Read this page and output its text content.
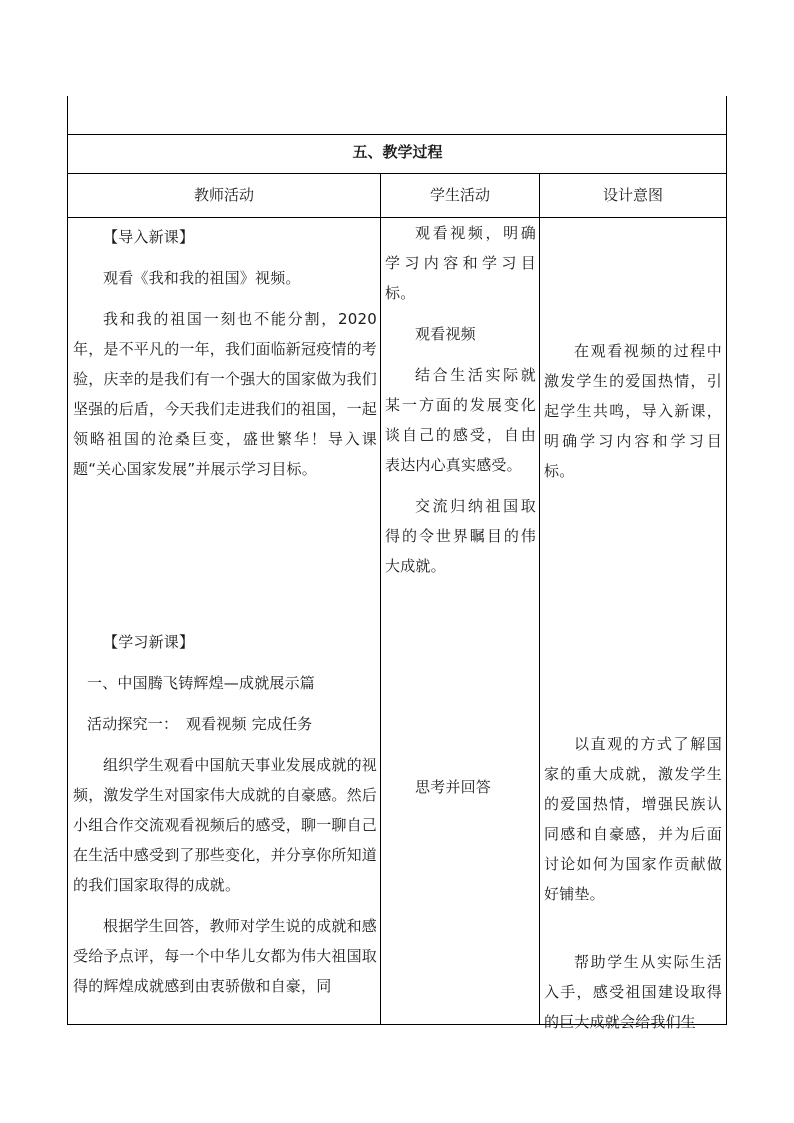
五、教学过程
教师活动	学生活动	设计意图

【导入新课】

观看《我和我的祖国》视频。

我和我的祖国一刻也不能分割，2020年，是不平凡的一年，我们面临新冠疫情的考验，庆幸的是我们有一个强大的国家做为我们坚强的后盾，今天我们走进我们的祖国，一起领略祖国的沧桑巨变，盛世繁华！导入课题“关心国家发展”并展示学习目标。

【学习新课】

一、中国腾飞铸辉煌—成就展示篇

活动探究一：　观看视频 完成任务

组织学生观看中国航天事业发展成就的视频，激发学生对国家伟大成就的自豪感。然后小组合作交流观看视频后的感受，聊一聊自己在生活中感受到了那些变化，并分享你所知道的我们国家取得的成就。

根据学生回答，教师对学生说的成就和感受给予点评，每一个中华儿女都为伟大祖国取得的辉煌成就感到由衷骄傲和自豪，同

观看视频，明确学习内容和学习目标。

观看视频

结合生活实际就某一方面的发展变化谈自己的感受，自由表达内心真实感受。

交流归纳祖国取得的令世界瞩目的伟大成就。

思考并回答

在观看视频的过程中激发学生的爱国热情，引起学生共鸣，导入新课，明确学习内容和学习目标。

以直观的方式了解国家的重大成就，激发学生的爱国热情，增强民族认同感和自豪感，并为后面讨论如何为国家作贡献做好铺垫。

帮助学生从实际生活入手，感受祖国建设取得的巨大成就会给我们生
